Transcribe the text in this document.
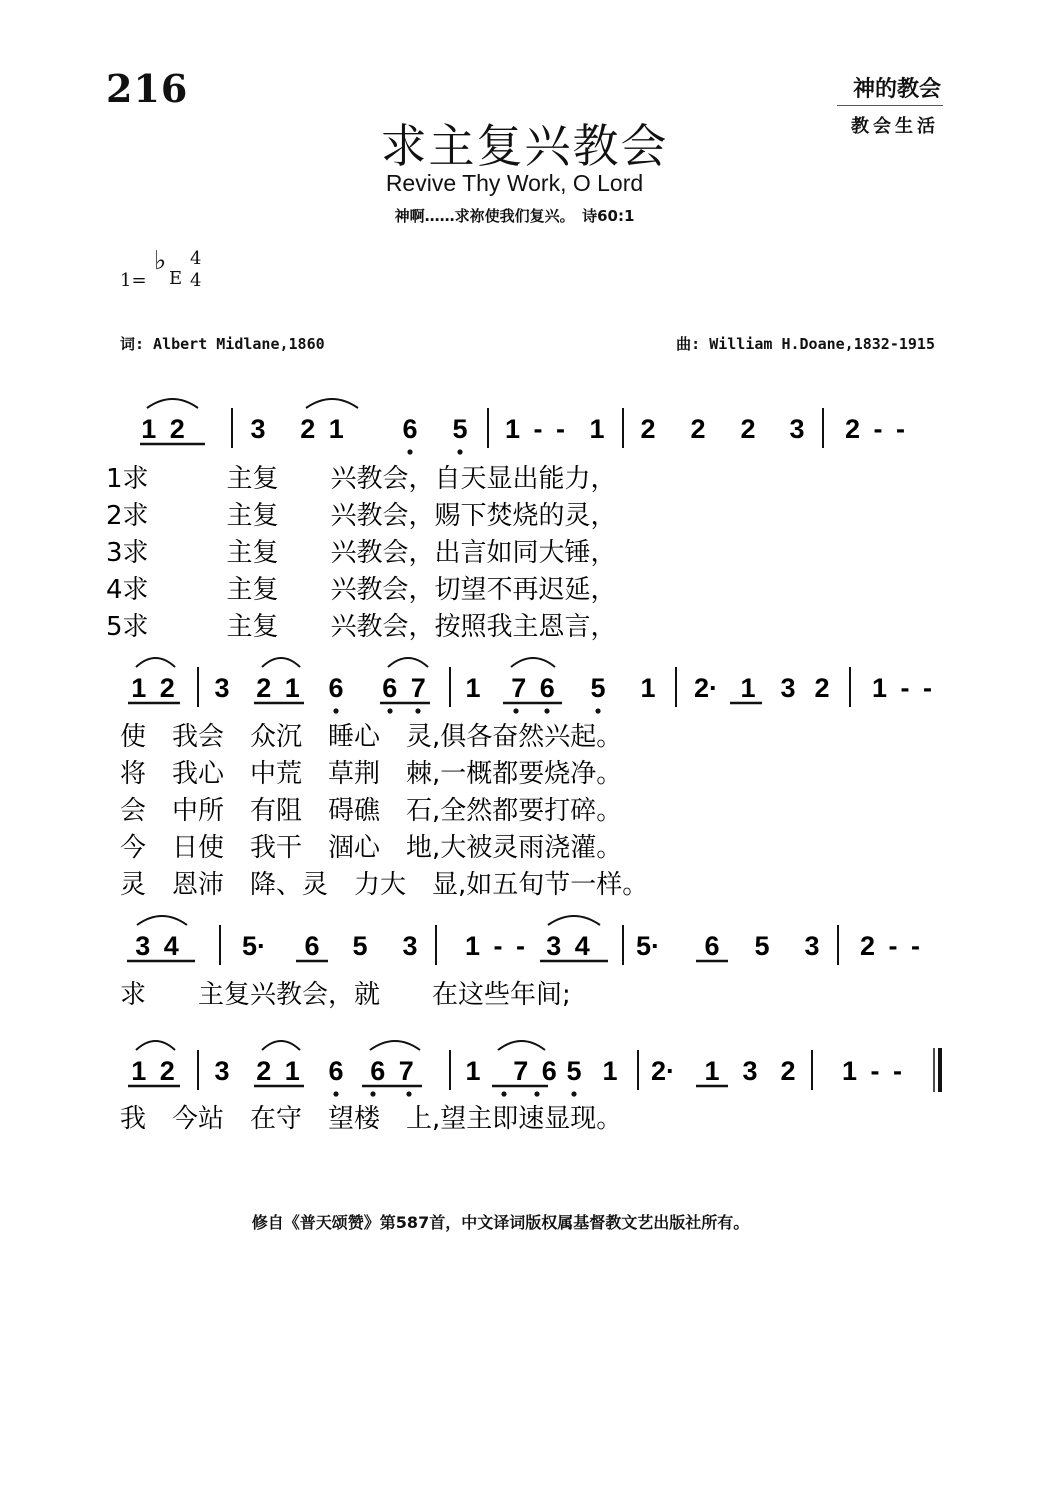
216	神的教会
教会生活
求主复兴教会
Revive Thy Work, O Lord
神啊……求祢使我们复兴。　诗60:1
1=
♭
E
4
4
词: Albert Midlane,1860	曲: William H.Doane,1832-1915
1 2 3 2 1 6 5 1 - - 1 2 2 2 3 2 - -
1求　　　主复　　兴教会，自天显出能力，
2求　　　主复　　兴教会，赐下焚烧的灵，
3求　　　主复　　兴教会，出言如同大锤，
4求　　　主复　　兴教会，切望不再迟延，
5求　　　主复　　兴教会，按照我主恩言，
1 2 3 2 1 6 6 7 1 7 6 5 1 2· 1 3 2 1 - -
使　我会　众沉　睡心　灵,俱各奋然兴起。
将　我心　中荒　草荆　棘,一概都要烧净。
会　中所　有阻　碍礁　石,全然都要打碎。
今　日使　我干　涸心　地,大被灵雨浇灌。
灵　恩沛　降、灵　力大　显,如五旬节一样。
3 4 5· 6 5 3 1 - - 3 4 5· 6 5 3 2 - -
求　　主复兴教会，就　　在这些年间;
1 2 3 2 1 6 6 7 1 7 6 5 1 2· 1 3 2 1 - -
我　今站　在守　望楼　上,望主即速显现。
修自《普天颂赞》第587首，中文译词版权属基督教文艺出版社所有。
